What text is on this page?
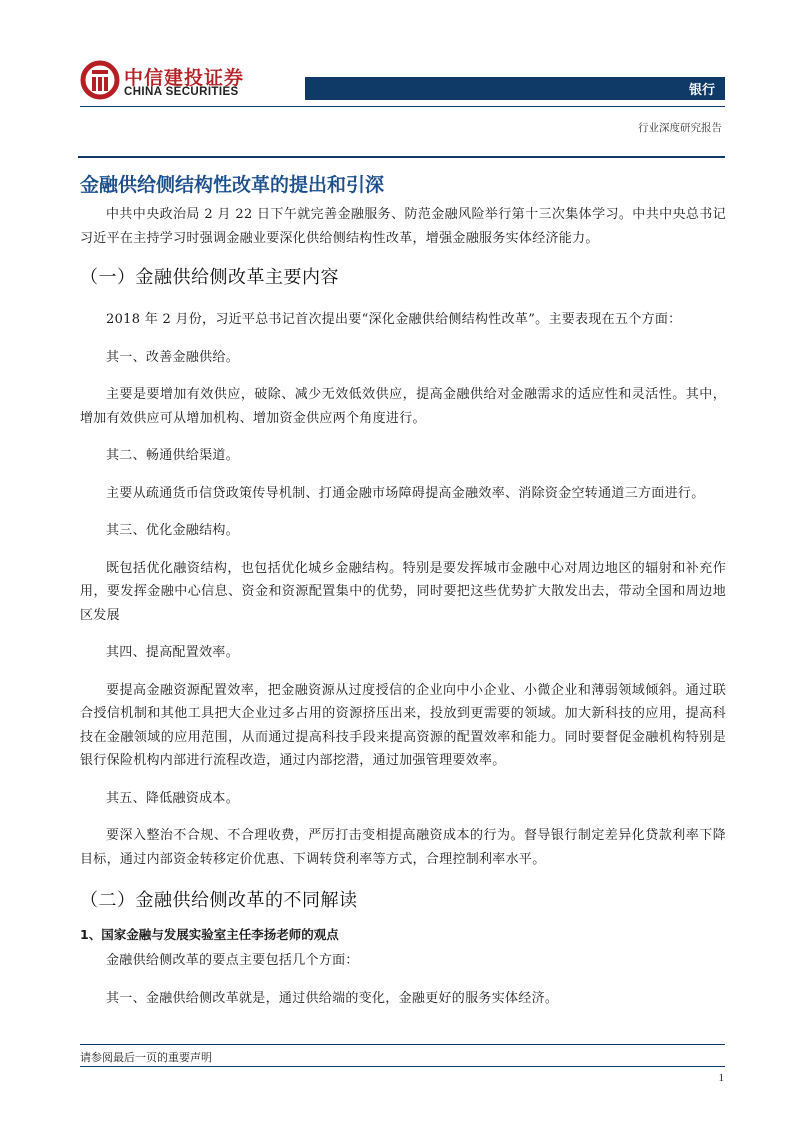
中信建投证券
CHINA SECURITIES	银行
行业深度研究报告
金融供给侧结构性改革的提出和引深

中共中央政治局 2 月 22 日下午就完善金融服务、防范金融风险举行第十三次集体学习。中共中央总书记习近平在主持学习时强调金融业要深化供给侧结构性改革，增强金融服务实体经济能力。

（一）金融供给侧改革主要内容

2018 年 2 月份，习近平总书记首次提出要“深化金融供给侧结构性改革”。主要表现在五个方面：

其一、改善金融供给。

主要是要增加有效供应，破除、减少无效低效供应，提高金融供给对金融需求的适应性和灵活性。其中，增加有效供应可从增加机构、增加资金供应两个角度进行。

其二、畅通供给渠道。

主要从疏通货币信贷政策传导机制、打通金融市场障碍提高金融效率、消除资金空转通道三方面进行。

其三、优化金融结构。

既包括优化融资结构，也包括优化城乡金融结构。特别是要发挥城市金融中心对周边地区的辐射和补充作用，要发挥金融中心信息、资金和资源配置集中的优势，同时要把这些优势扩大散发出去，带动全国和周边地区发展

其四、提高配置效率。

要提高金融资源配置效率，把金融资源从过度授信的企业向中小企业、小微企业和薄弱领域倾斜。通过联合授信机制和其他工具把大企业过多占用的资源挤压出来，投放到更需要的领域。加大新科技的应用，提高科技在金融领域的应用范围，从而通过提高科技手段来提高资源的配置效率和能力。同时要督促金融机构特别是银行保险机构内部进行流程改造，通过内部挖潜，通过加强管理要效率。

其五、降低融资成本。

要深入整治不合规、不合理收费，严厉打击变相提高融资成本的行为。督导银行制定差异化贷款利率下降目标，通过内部资金转移定价优惠、下调转贷利率等方式，合理控制利率水平。

（二）金融供给侧改革的不同解读
1、国家金融与发展实验室主任李扬老师的观点

金融供给侧改革的要点主要包括几个方面：

其一、金融供给侧改革就是，通过供给端的变化，金融更好的服务实体经济。

请参阅最后一页的重要声明
1
